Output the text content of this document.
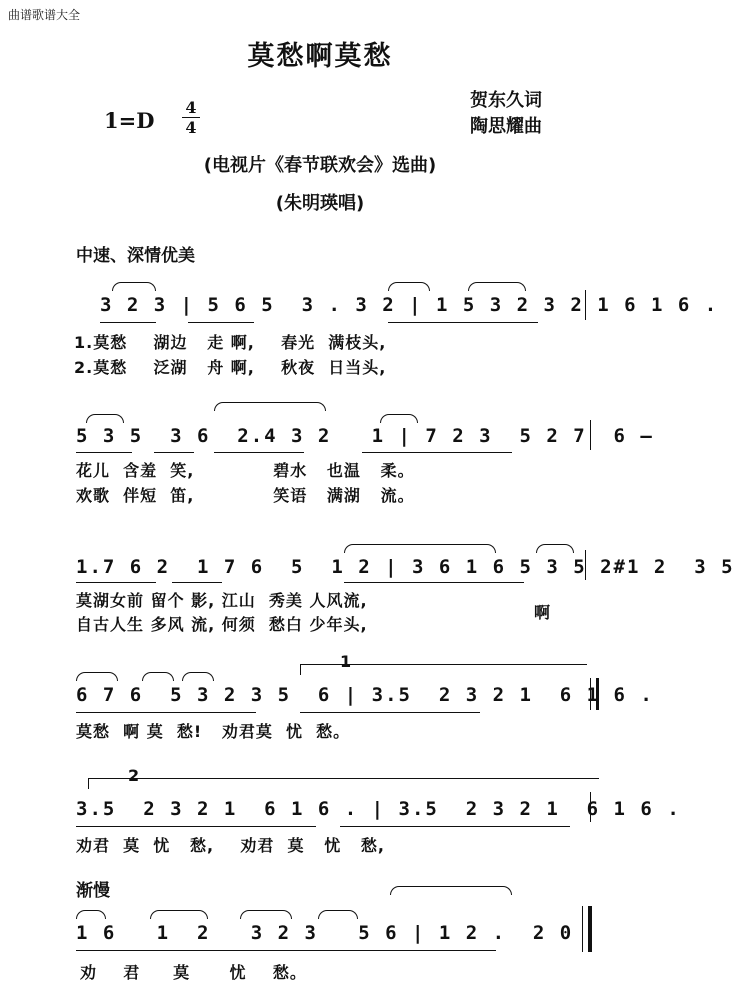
曲谱歌谱大全
莫愁啊莫愁
1=D
4
4
贺东久词
陶思耀曲
(电视片《春节联欢会》选曲)
(朱明瑛唱)
中速、深情优美
3 2 3 | 5 6 5  3 . 3 2 | 1 5 3 2 3 2 1 6 1 6 .
1.莫愁    湖边   走 啊,    春光  满枝头,
2.莫愁    泛湖   舟 啊,    秋夜  日当头,
5 3 5  3 6  2.4 3 2   1 | 7 2 3  5 2 7  6 —
花儿  含羞  笑,            碧水   也温   柔。
欢歌  伴短  笛,            笑语   满湖   流。
1.7 6 2  1 7 6  5  1 2 | 3 6 1 6 5 3 5 2#1 2  3 5
莫湖女前 留个 影, 江山  秀美 人风流,
自古人生 多风 流, 何须  愁白 少年头,
啊
1
6 7 6  5 3 2 3 5  6 | 3.5  2 3 2 1  6 1 6 .
莫愁  啊 莫  愁!   劝君莫  忧  愁。
2
3.5  2 3 2 1  6 1 6 . | 3.5  2 3 2 1  6 1 6 .
劝君  莫  忧   愁,    劝君  莫   忧   愁,
渐慢
1 6   1  2   3 2 3   5 6 | 1 2 .  2 0
劝    君     莫      忧    愁。
